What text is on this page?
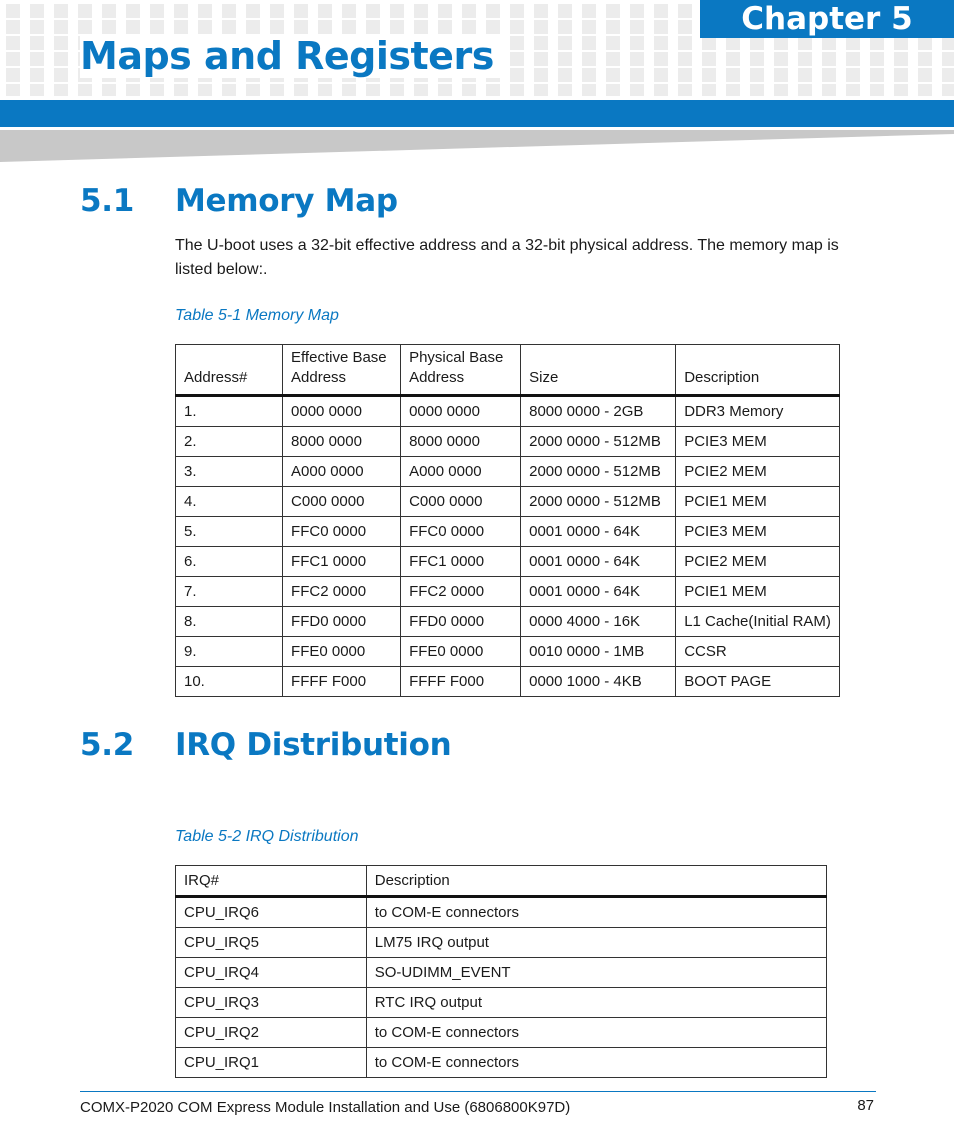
Chapter 5
Maps and Registers
5.1 Memory Map

The U-boot uses a 32-bit effective address and a 32-bit physical address. The memory map is listed below:.

Table 5-1 Memory Map

Address#	Effective Base Address	Physical Base Address	Size	Description
1.	0000 0000	0000 0000	8000 0000 - 2GB	DDR3 Memory
2.	8000 0000	8000 0000	2000 0000 - 512MB	PCIE3 MEM
3.	A000 0000	A000 0000	2000 0000 - 512MB	PCIE2 MEM
4.	C000 0000	C000 0000	2000 0000 - 512MB	PCIE1 MEM
5.	FFC0 0000	FFC0 0000	0001 0000 - 64K	PCIE3 MEM
6.	FFC1 0000	FFC1 0000	0001 0000 - 64K	PCIE2 MEM
7.	FFC2 0000	FFC2 0000	0001 0000 - 64K	PCIE1 MEM
8.	FFD0 0000	FFD0 0000	0000 4000 - 16K	L1 Cache(Initial RAM)
9.	FFE0 0000	FFE0 0000	0010 0000 - 1MB	CCSR
10.	FFFF F000	FFFF F000	0000 1000 - 4KB	BOOT PAGE
5.2 IRQ Distribution

Table 5-2 IRQ Distribution

IRQ#	Description
CPU_IRQ6	to COM-E connectors
CPU_IRQ5	LM75 IRQ output
CPU_IRQ4	SO-UDIMM_EVENT
CPU_IRQ3	RTC IRQ output
CPU_IRQ2	to COM-E connectors
CPU_IRQ1	to COM-E connectors
COMX-P2020 COM Express Module Installation and Use (6806800K97D)	87
